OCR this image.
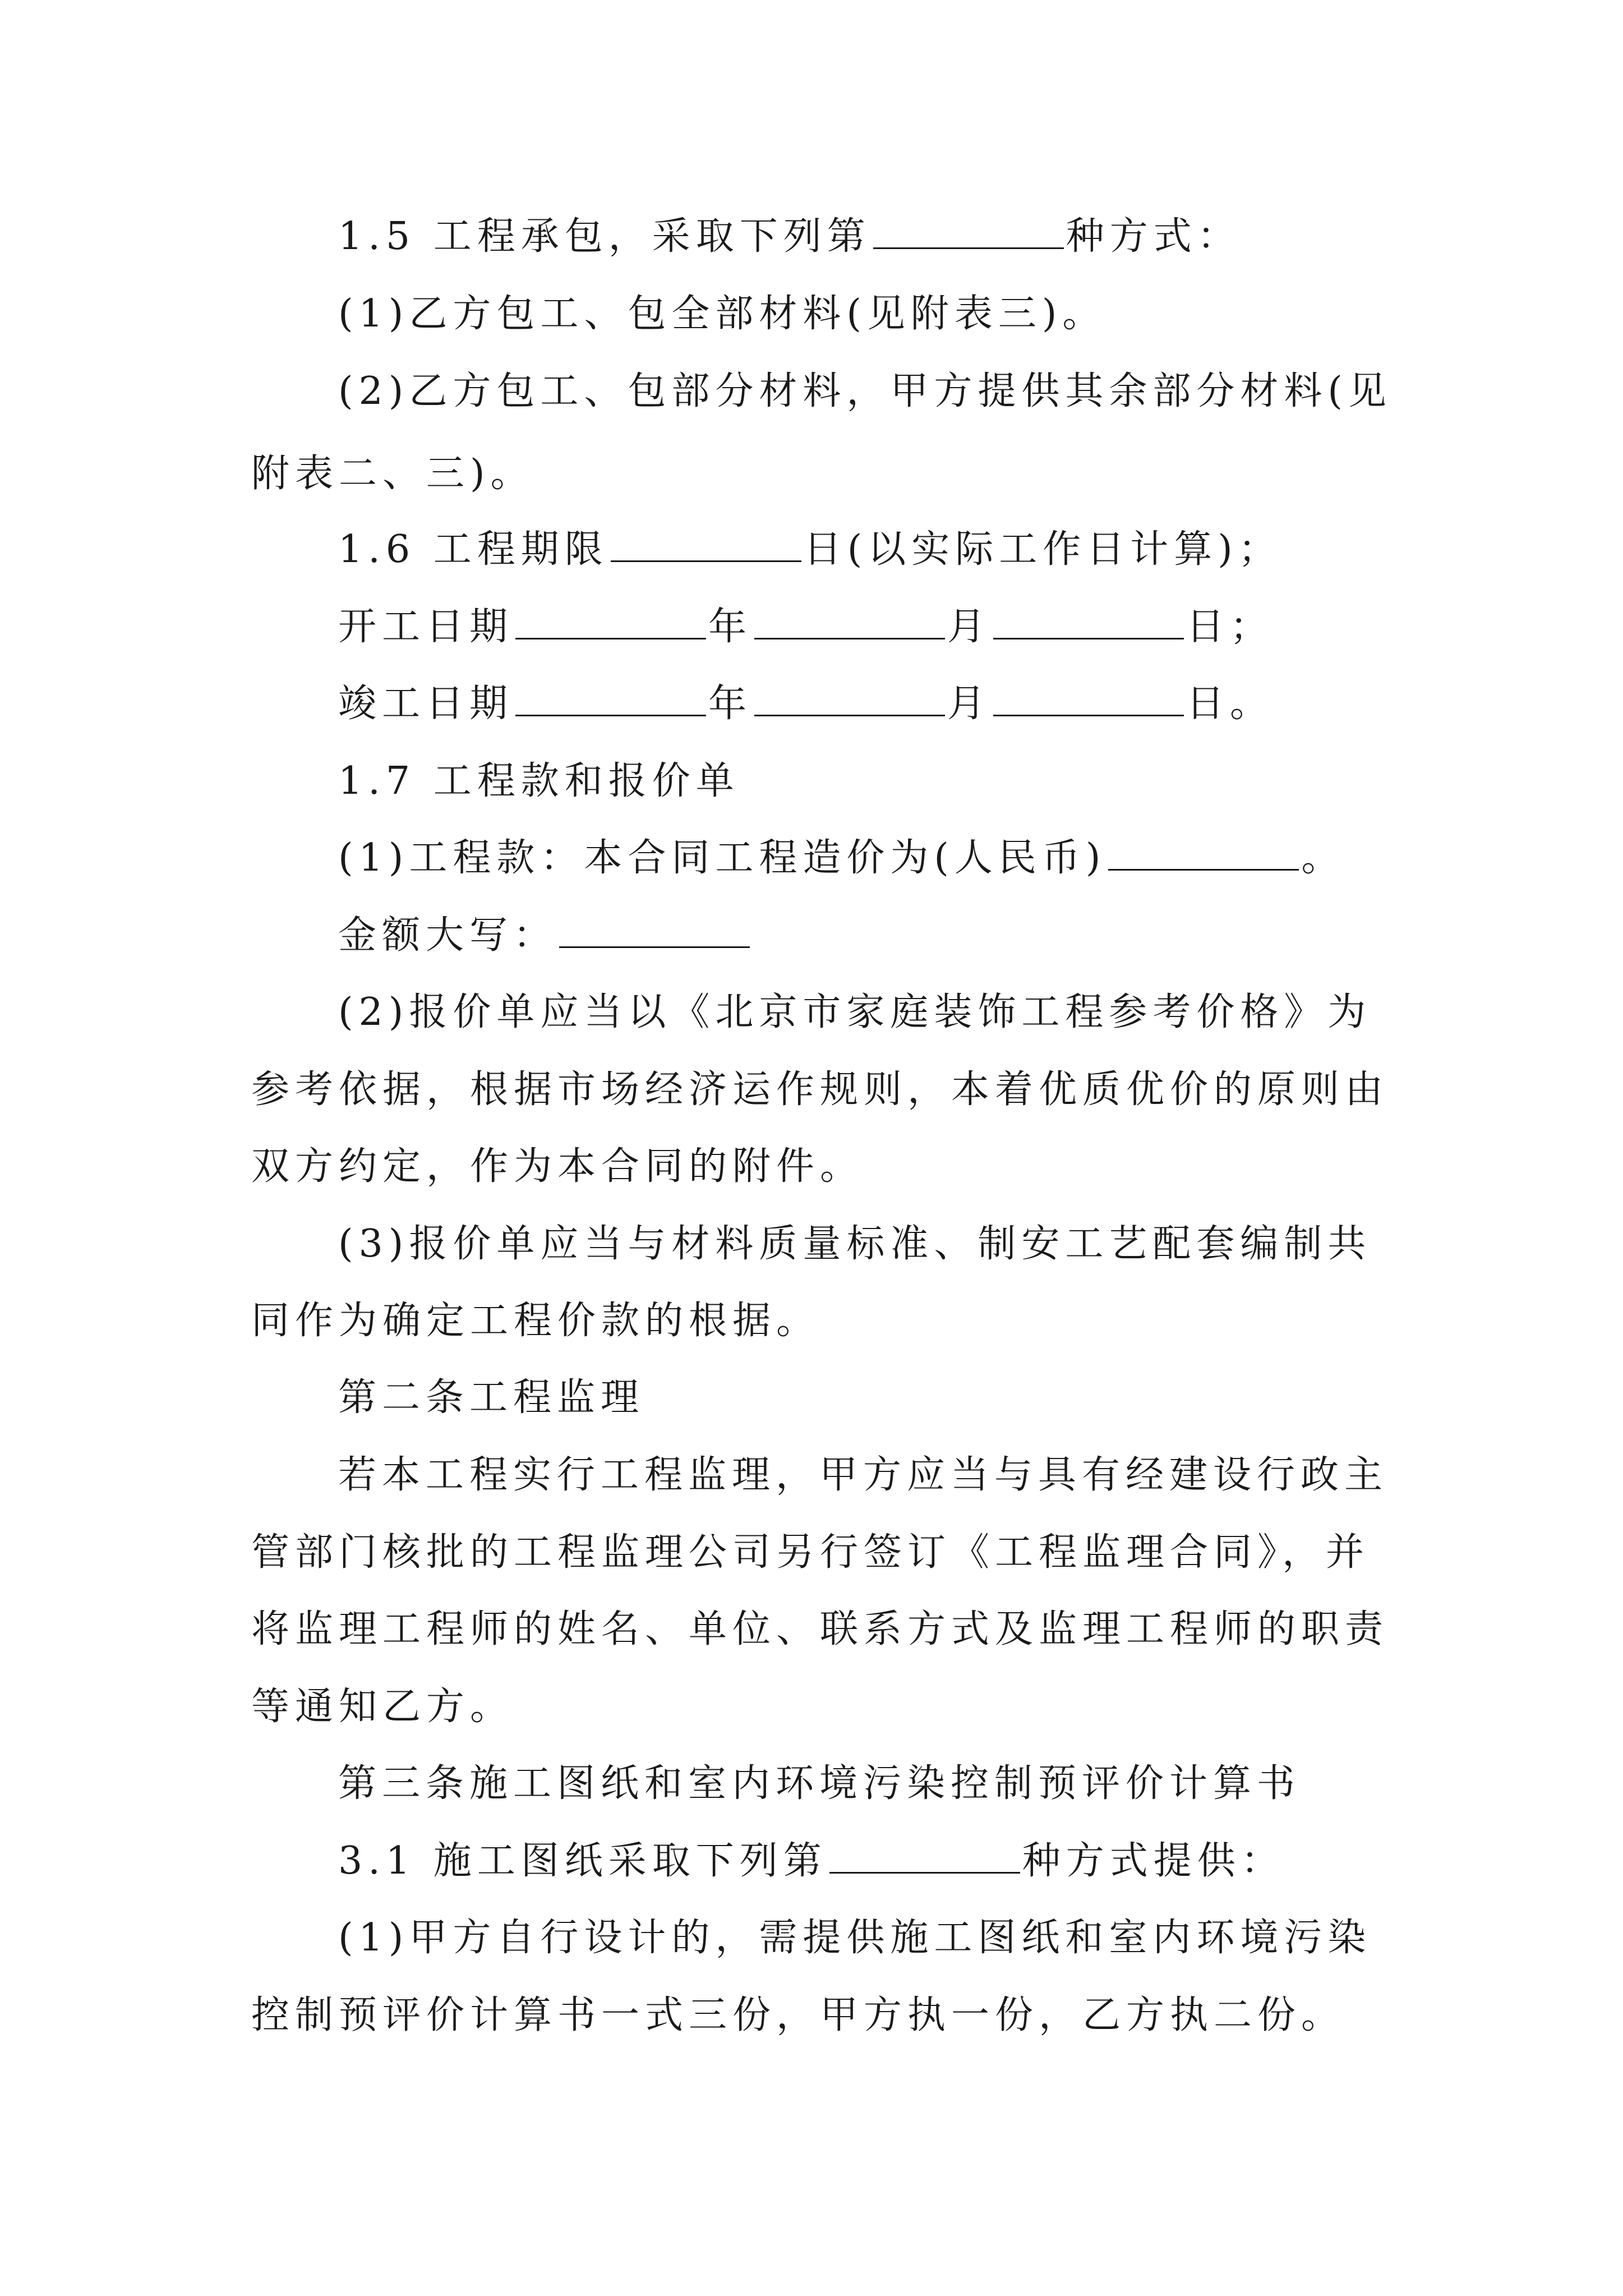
1.5 工程承包，采取下列第	种方式：
(1)乙方包工、包全部材料(见附表三)。
(2)乙方包工、包部分材料，甲方提供其余部分材料(见
附表二、三)。
1.6 工程期限	日(以实际工作日计算)；
开工日期	年	月	日；
竣工日期	年	月	日。
1.7 工程款和报价单
(1)工程款：本合同工程造价为(人民币)	。
金额大写：
(2)报价单应当以《北京市家庭装饰工程参考价格》为
参考依据，根据市场经济运作规则，本着优质优价的原则由
双方约定，作为本合同的附件。
(3)报价单应当与材料质量标准、制安工艺配套编制共
同作为确定工程价款的根据。
第二条工程监理
若本工程实行工程监理，甲方应当与具有经建设行政主
管部门核批的工程监理公司另行签订《工程监理合同》，并
将监理工程师的姓名、单位、联系方式及监理工程师的职责
等通知乙方。
第三条施工图纸和室内环境污染控制预评价计算书
3.1 施工图纸采取下列第	种方式提供：
(1)甲方自行设计的，需提供施工图纸和室内环境污染
控制预评价计算书一式三份，甲方执一份，乙方执二份。
